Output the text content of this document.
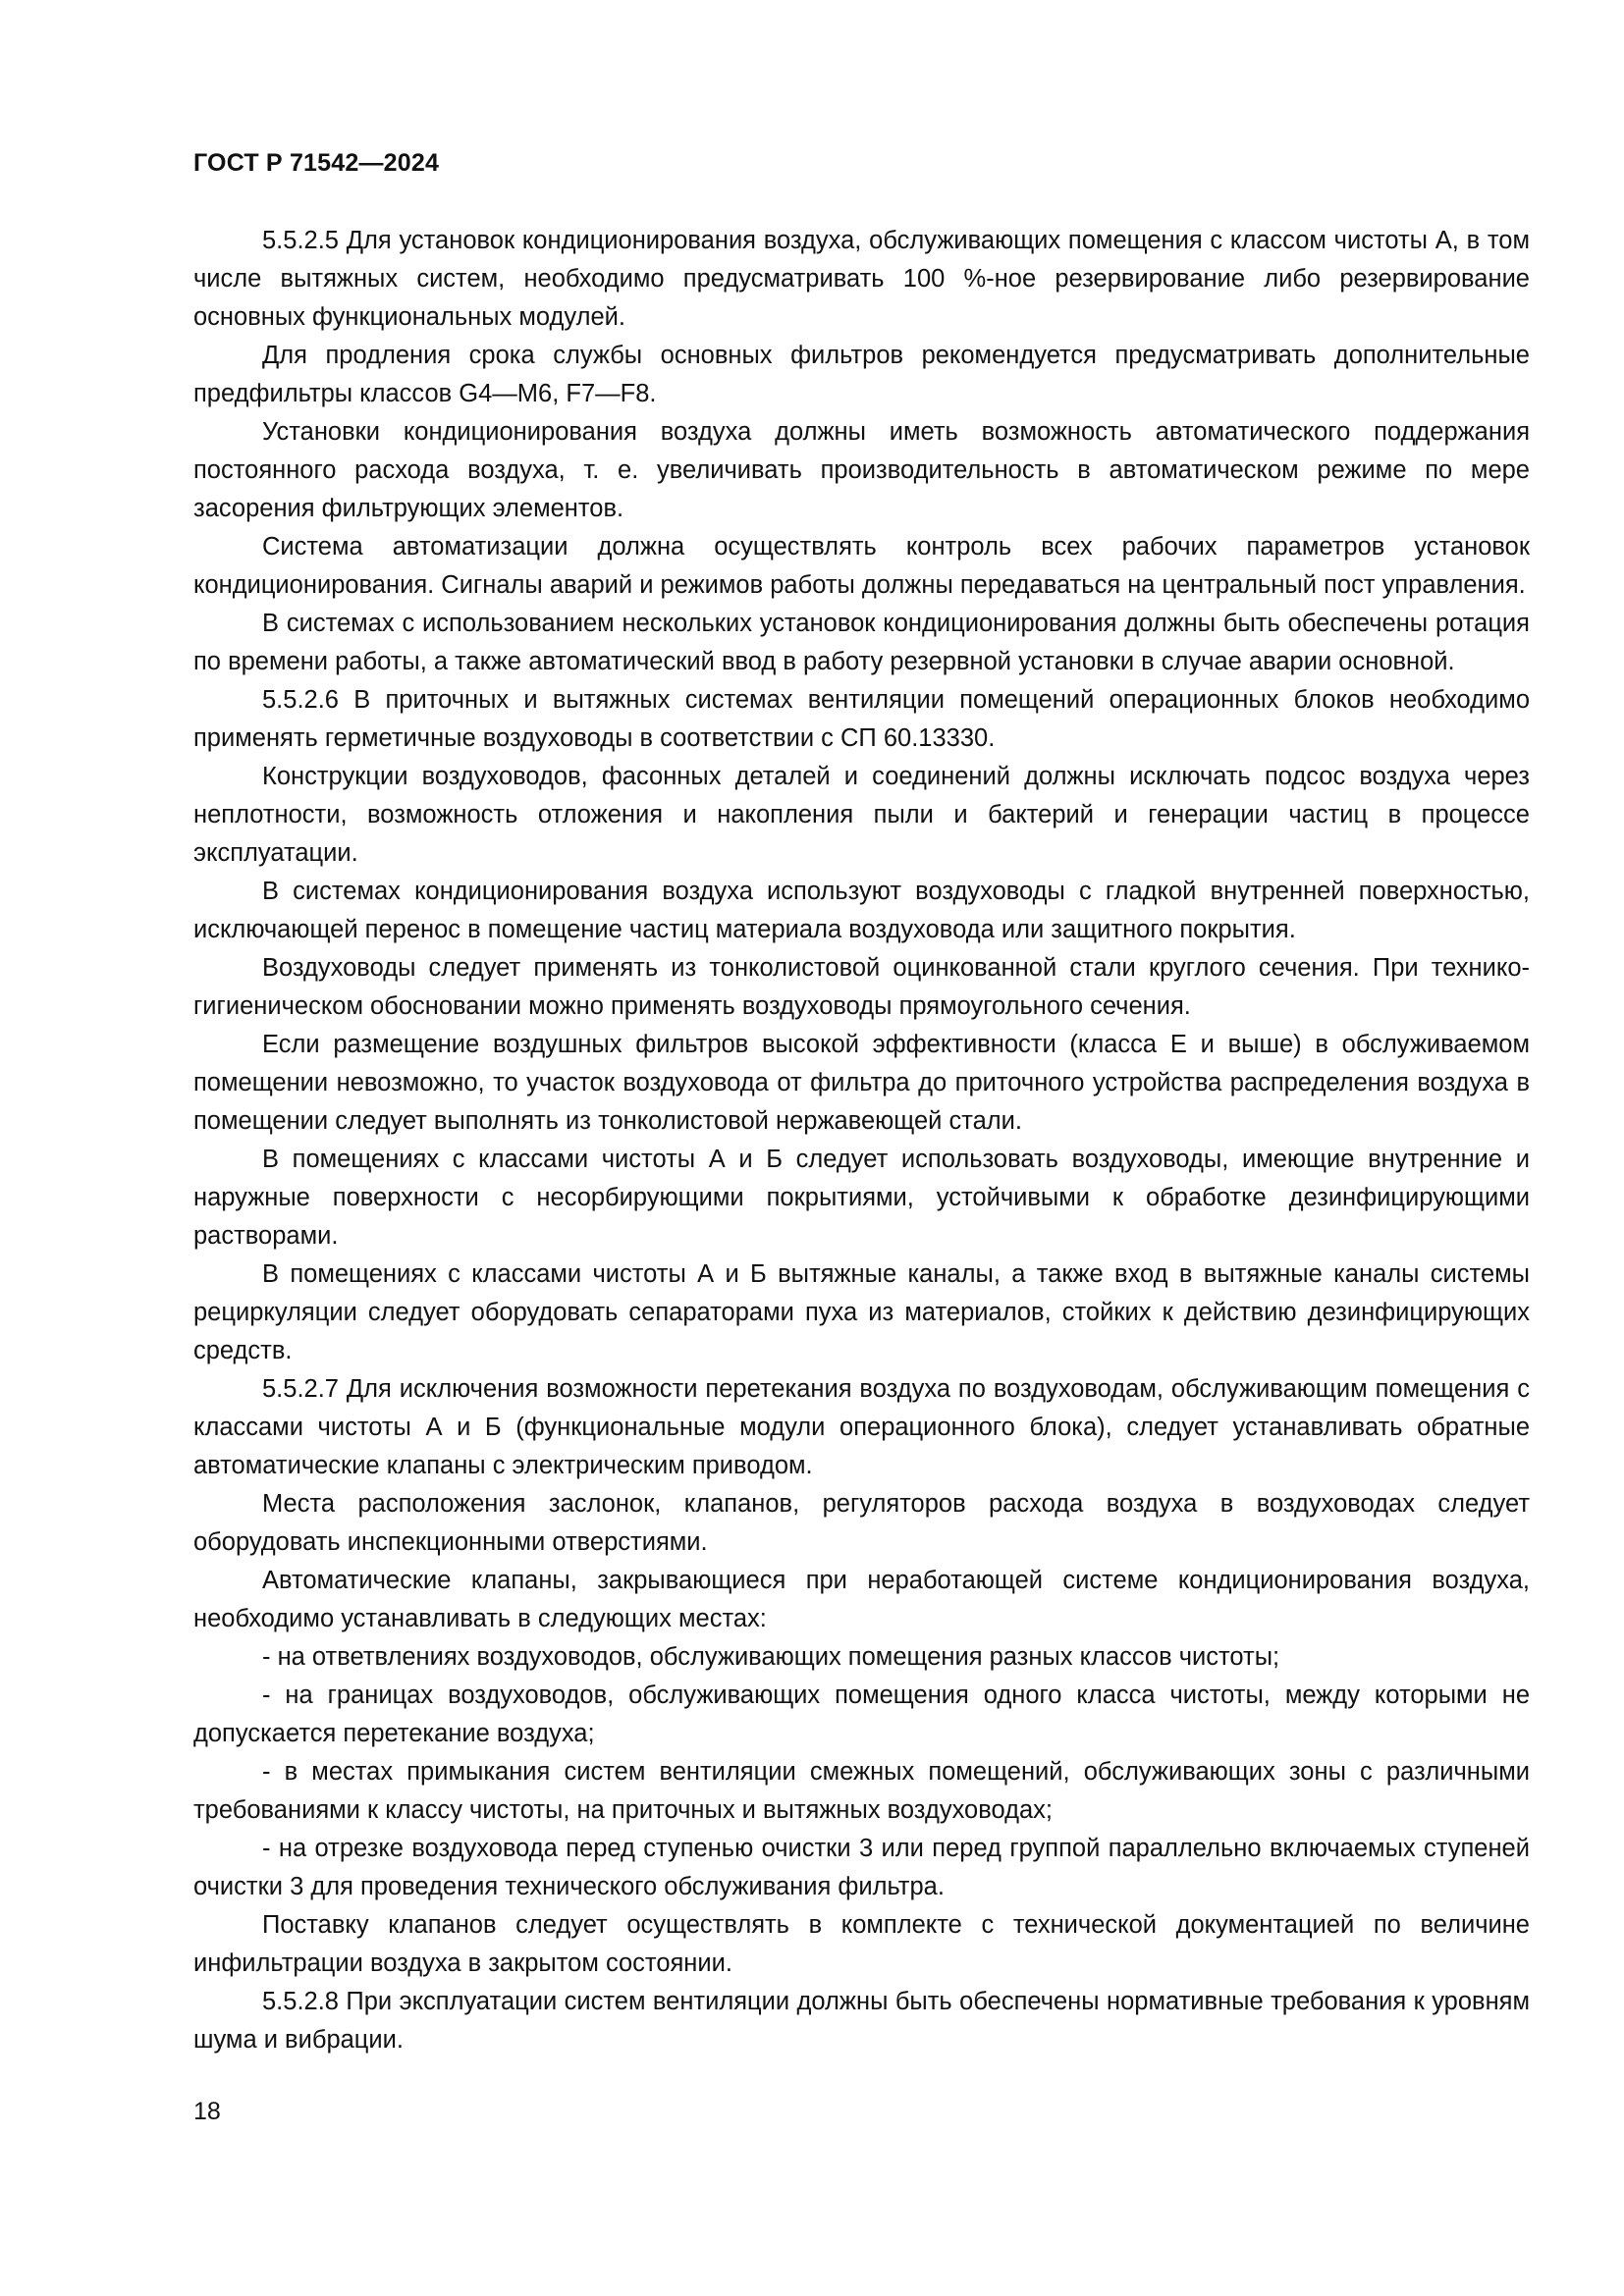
ГОСТ Р 71542—2024

5.5.2.5 Для установок кондиционирования воздуха, обслуживающих помещения с классом чистоты А, в том числе вытяжных систем, необходимо предусматривать 100 %-ное резервирование либо резервирование основных функциональных модулей.

Для продления срока службы основных фильтров рекомендуется предусматривать дополнительные предфильтры классов G4—M6, F7—F8.

Установки кондиционирования воздуха должны иметь возможность автоматического поддержания постоянного расхода воздуха, т. е. увеличивать производительность в автоматическом режиме по мере засорения фильтрующих элементов.

Система автоматизации должна осуществлять контроль всех рабочих параметров установок кондиционирования. Сигналы аварий и режимов работы должны передаваться на центральный пост управления.

В системах с использованием нескольких установок кондиционирования должны быть обеспечены ротация по времени работы, а также автоматический ввод в работу резервной установки в случае аварии основной.

5.5.2.6 В приточных и вытяжных системах вентиляции помещений операционных блоков необходимо применять герметичные воздуховоды в соответствии с СП 60.13330.

Конструкции воздуховодов, фасонных деталей и соединений должны исключать подсос воздуха через неплотности, возможность отложения и накопления пыли и бактерий и генерации частиц в процессе эксплуатации.

В системах кондиционирования воздуха используют воздуховоды с гладкой внутренней поверхностью, исключающей перенос в помещение частиц материала воздуховода или защитного покрытия.

Воздуховоды следует применять из тонколистовой оцинкованной стали круглого сечения. При технико-гигиеническом обосновании можно применять воздуховоды прямоугольного сечения.

Если размещение воздушных фильтров высокой эффективности (класса Е и выше) в обслуживаемом помещении невозможно, то участок воздуховода от фильтра до приточного устройства распределения воздуха в помещении следует выполнять из тонколистовой нержавеющей стали.

В помещениях с классами чистоты А и Б следует использовать воздуховоды, имеющие внутренние и наружные поверхности с несорбирующими покрытиями, устойчивыми к обработке дезинфицирующими растворами.

В помещениях с классами чистоты А и Б вытяжные каналы, а также вход в вытяжные каналы системы рециркуляции следует оборудовать сепараторами пуха из материалов, стойких к действию дезинфицирующих средств.

5.5.2.7 Для исключения возможности перетекания воздуха по воздуховодам, обслуживающим помещения с классами чистоты А и Б (функциональные модули операционного блока), следует устанавливать обратные автоматические клапаны с электрическим приводом.

Места расположения заслонок, клапанов, регуляторов расхода воздуха в воздуховодах следует оборудовать инспекционными отверстиями.

Автоматические клапаны, закрывающиеся при неработающей системе кондиционирования воздуха, необходимо устанавливать в следующих местах:

- на ответвлениях воздуховодов, обслуживающих помещения разных классов чистоты;

- на границах воздуховодов, обслуживающих помещения одного класса чистоты, между которыми не допускается перетекание воздуха;

- в местах примыкания систем вентиляции смежных помещений, обслуживающих зоны с различными требованиями к классу чистоты, на приточных и вытяжных воздуховодах;

- на отрезке воздуховода перед ступенью очистки 3 или перед группой параллельно включаемых ступеней очистки 3 для проведения технического обслуживания фильтра.

Поставку клапанов следует осуществлять в комплекте с технической документацией по величине инфильтрации воздуха в закрытом состоянии.

5.5.2.8 При эксплуатации систем вентиляции должны быть обеспечены нормативные требования к уровням шума и вибрации.

18
